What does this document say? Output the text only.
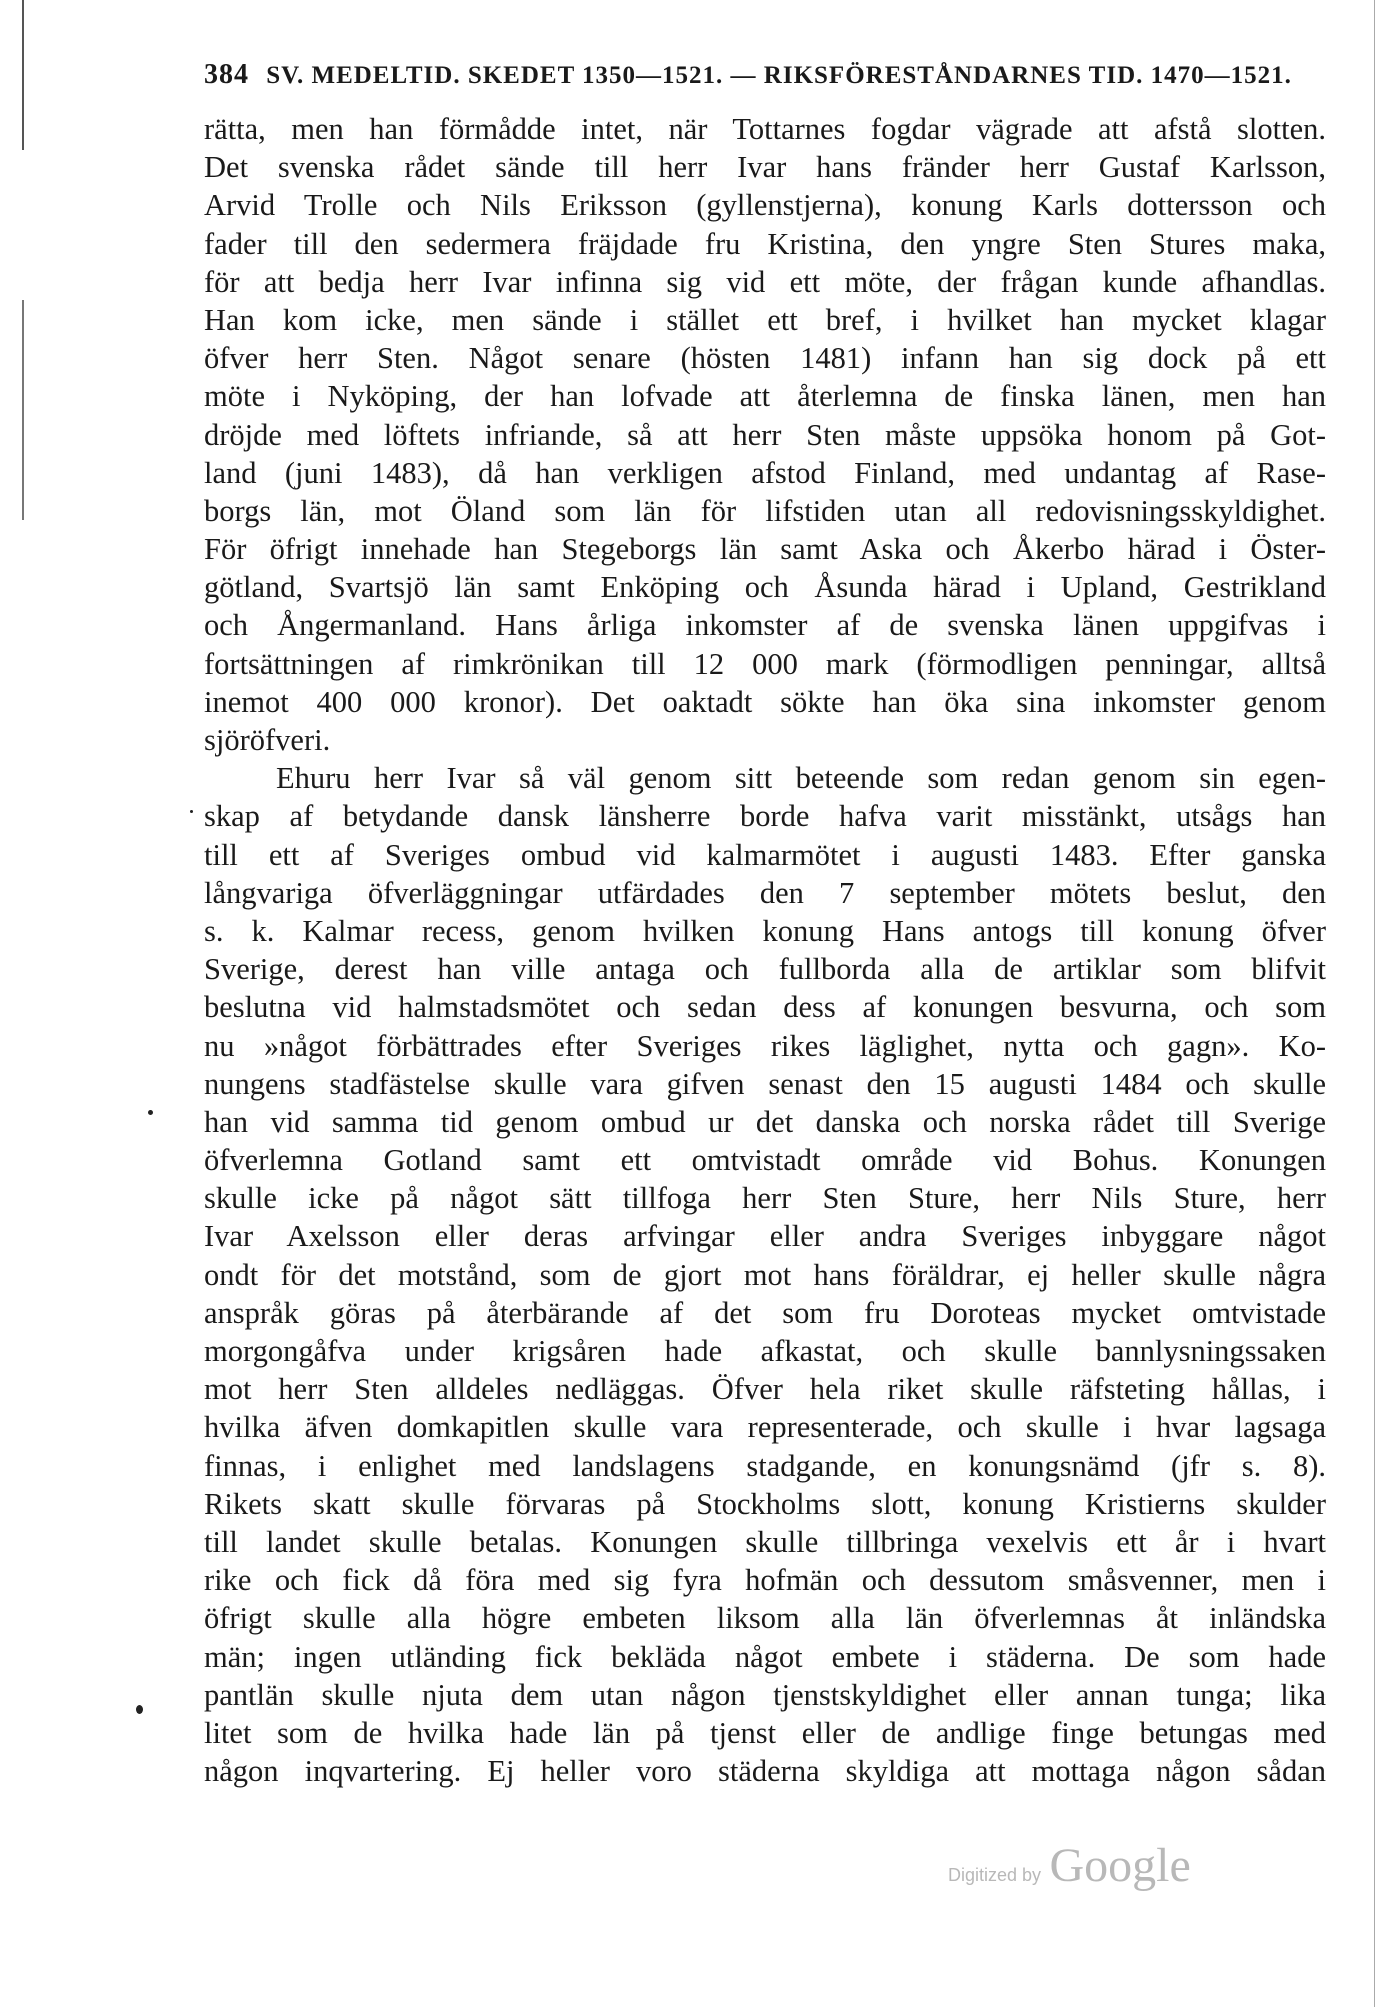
384 SV. MEDELTID. SKEDET 1350—1521. — RIKSFÖRESTÅNDARNES TID. 1470—1521.
rätta, men han förmådde intet, när Tottarnes fogdar vägrade att afstå slotten.
Det svenska rådet sände till herr Ivar hans fränder herr Gustaf Karlsson,
Arvid Trolle och Nils Eriksson (gyllenstjerna), konung Karls dottersson och
fader till den sedermera fräjdade fru Kristina, den yngre Sten Stures maka,
för att bedja herr Ivar infinna sig vid ett möte, der frågan kunde afhandlas.
Han kom icke, men sände i stället ett bref, i hvilket han mycket klagar
öfver herr Sten. Något senare (hösten 1481) infann han sig dock på ett
möte i Nyköping, der han lofvade att återlemna de finska länen, men han
dröjde med löftets infriande, så att herr Sten måste uppsöka honom på Got-
land (juni 1483), då han verkligen afstod Finland, med undantag af Rase-
borgs län, mot Öland som län för lifstiden utan all redovisningsskyldighet.
För öfrigt innehade han Stegeborgs län samt Aska och Åkerbo härad i Öster-
götland, Svartsjö län samt Enköping och Åsunda härad i Upland, Gestrikland
och Ångermanland. Hans årliga inkomster af de svenska länen uppgifvas i
fortsättningen af rimkrönikan till 12 000 mark (förmodligen penningar, alltså
inemot 400 000 kronor). Det oaktadt sökte han öka sina inkomster genom
sjöröfveri.
Ehuru herr Ivar så väl genom sitt beteende som redan genom sin egen-
skap af betydande dansk länsherre borde hafva varit misstänkt, utsågs han
till ett af Sveriges ombud vid kalmarmötet i augusti 1483. Efter ganska
långvariga öfverläggningar utfärdades den 7 september mötets beslut, den
s. k. Kalmar recess, genom hvilken konung Hans antogs till konung öfver
Sverige, derest han ville antaga och fullborda alla de artiklar som blifvit
beslutna vid halmstadsmötet och sedan dess af konungen besvurna, och som
nu »något förbättrades efter Sveriges rikes läglighet, nytta och gagn». Ko-
nungens stadfästelse skulle vara gifven senast den 15 augusti 1484 och skulle
han vid samma tid genom ombud ur det danska och norska rådet till Sverige
öfverlemna Gotland samt ett omtvistadt område vid Bohus. Konungen
skulle icke på något sätt tillfoga herr Sten Sture, herr Nils Sture, herr
Ivar Axelsson eller deras arfvingar eller andra Sveriges inbyggare något
ondt för det motstånd, som de gjort mot hans föräldrar, ej heller skulle några
anspråk göras på återbärande af det som fru Doroteas mycket omtvistade
morgongåfva under krigsåren hade afkastat, och skulle bannlysningssaken
mot herr Sten alldeles nedläggas. Öfver hela riket skulle räfsteting hållas, i
hvilka äfven domkapitlen skulle vara representerade, och skulle i hvar lagsaga
finnas, i enlighet med landslagens stadgande, en konungsnämd (jfr s. 8).
Rikets skatt skulle förvaras på Stockholms slott, konung Kristierns skulder
till landet skulle betalas. Konungen skulle tillbringa vexelvis ett år i hvart
rike och fick då föra med sig fyra hofmän och dessutom småsvenner, men i
öfrigt skulle alla högre embeten liksom alla län öfverlemnas åt inländska
män; ingen utländing fick bekläda något embete i städerna. De som hade
pantlän skulle njuta dem utan någon tjenstskyldighet eller annan tunga; lika
litet som de hvilka hade län på tjenst eller de andlige finge betungas med
någon inqvartering. Ej heller voro städerna skyldiga att mottaga någon sådan
Digitized by Google
